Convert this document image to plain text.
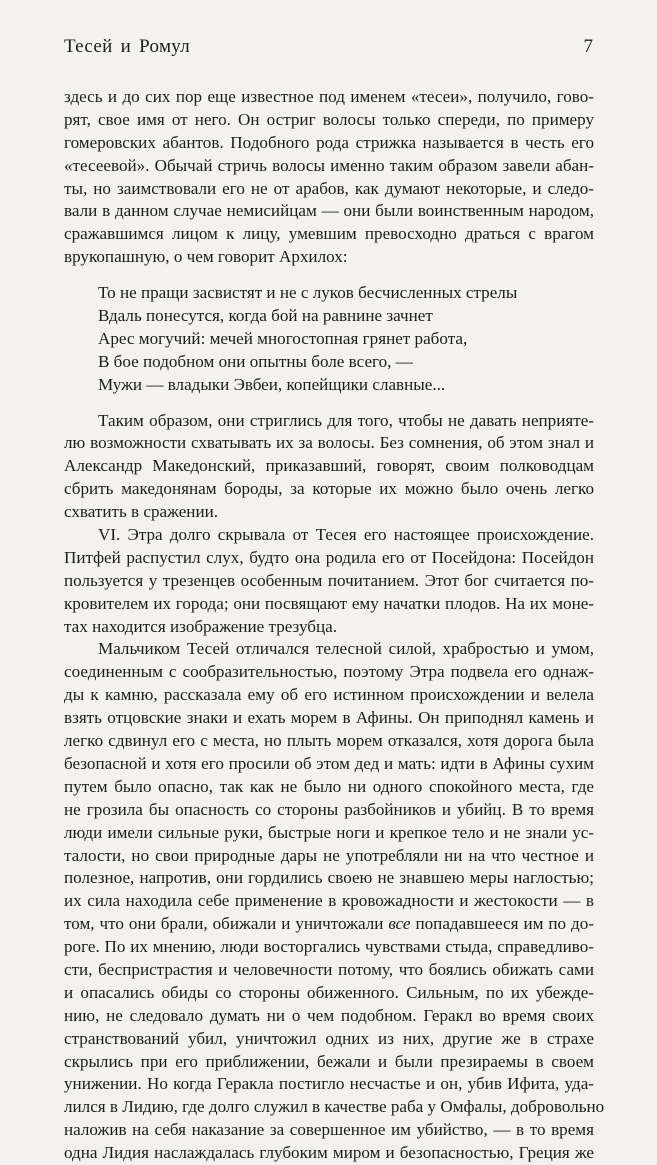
Тесей и Ромул	7
здесь и до сих пор еще известное под именем «тесеи», получило, гово-
рят, свое имя от него. Он остриг волосы только спереди, по примеру
гомеровских абантов. Подобного рода стрижка называется в честь его
«тесеевой». Обычай стричь волосы именно таким образом завели абан-
ты, но заимствовали его не от арабов, как думают некоторые, и следо-
вали в данном случае немисийцам — они были воинственным народом,
сражавшимся лицом к лицу, умевшим превосходно драться с врагом
врукопашную, о чем говорит Архилох:
То не пращи засвистят и не с луков бесчисленных стрелы
Вдаль понесутся, когда бой на равнине зачнет
Арес могучий: мечей многостопная грянет работа,
В бое подобном они опытны боле всего, —
Мужи — владыки Эвбеи, копейщики славные...
Таким образом, они стриглись для того, чтобы не давать неприяте-
лю возможности схватывать их за волосы. Без сомнения, об этом знал и
Александр Македонский, приказавший, говорят, своим полководцам
сбрить македонянам бороды, за которые их можно было очень легко
схватить в сражении.
VI. Этра долго скрывала от Тесея его настоящее происхождение.
Питфей распустил слух, будто она родила его от Посейдона: Посейдон
пользуется у трезенцев особенным почитанием. Этот бог считается по-
кровителем их города; они посвящают ему начатки плодов. На их моне-
тах находится изображение трезубца.
Мальчиком Тесей отличался телесной силой, храбростью и умом,
соединенным с сообразительностью, поэтому Этра подвела его однаж-
ды к камню, рассказала ему об его истинном происхождении и велела
взять отцовские знаки и ехать морем в Афины. Он приподнял камень и
легко сдвинул его с места, но плыть морем отказался, хотя дорога была
безопасной и хотя его просили об этом дед и мать: идти в Афины сухим
путем было опасно, так как не было ни одного спокойного места, где
не грозила бы опасность со стороны разбойников и убийц. В то время
люди имели сильные руки, быстрые ноги и крепкое тело и не знали ус-
талости, но свои природные дары не употребляли ни на что честное и
полезное, напротив, они гордились своею не знавшею меры наглостью;
их сила находила себе применение в кровожадности и жестокости — в
том, что они брали, обижали и уничтожали все попадавшееся им по до-
роге. По их мнению, люди восторгались чувствами стыда, справедливо-
сти, беспристрастия и человечности потому, что боялись обижать сами
и опасались обиды со стороны обиженного. Сильным, по их убежде-
нию, не следовало думать ни о чем подобном. Геракл во время своих
странствований убил, уничтожил одних из них, другие же в страхе
скрылись при его приближении, бежали и были презираемы в своем
унижении. Но когда Геракла постигло несчастье и он, убив Ифита, уда-
лился в Лидию, где долго служил в качестве раба у Омфалы, добровольно
наложив на себя наказание за совершенное им убийство, — в то время
одна Лидия наслаждалась глубоким миром и безопасностью, Греция же
